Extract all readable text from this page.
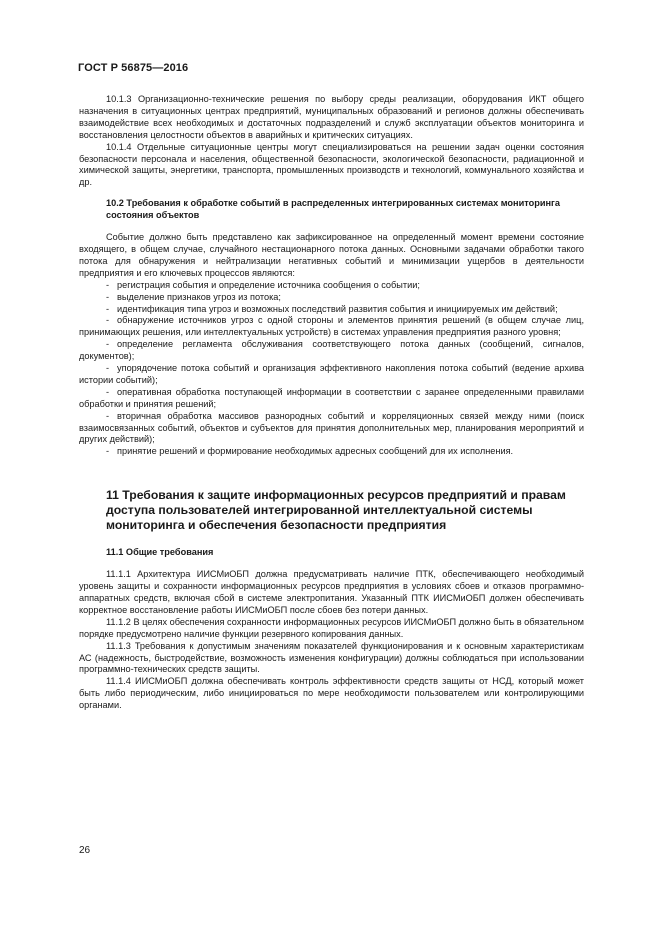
ГОСТ Р 56875—2016

10.1.3 Организационно-технические решения по выбору среды реализации, оборудования ИКТ общего назначения в ситуационных центрах предприятий, муниципальных образований и регионов должны обеспечивать взаимодействие всех необходимых и достаточных подразделений и служб эксплуатации объектов мониторинга и восстановления целостности объектов в аварийных и критических ситуациях.

10.1.4 Отдельные ситуационные центры могут специализироваться на решении задач оценки состояния безопасности персонала и населения, общественной безопасности, экологической безопасности, радиационной и химической защиты, энергетики, транспорта, промышленных производств и технологий, коммунального хозяйства и др.

10.2 Требования к обработке событий в распределенных интегрированных системах мониторинга состояния объектов

Событие должно быть представлено как зафиксированное на определенный момент времени состояние входящего, в общем случае, случайного нестационарного потока данных. Основными задачами обработки такого потока для обнаружения и нейтрализации негативных событий и минимизации ущербов в деятельности предприятия и его ключевых процессов являются:

- регистрация события и определение источника сообщения о событии;

- выделение признаков угроз из потока;

- идентификация типа угроз и возможных последствий развития события и инициируемых им действий;

- обнаружение источников угроз с одной стороны и элементов принятия решений (в общем случае лиц, принимающих решения, или интеллектуальных устройств) в системах управления предприятия разного уровня;

- определение регламента обслуживания соответствующего потока данных (сообщений, сигналов, документов);

- упорядочение потока событий и организация эффективного накопления потока событий (ведение архива истории событий);

- оперативная обработка поступающей информации в соответствии с заранее определенными правилами обработки и принятия решений;

- вторичная обработка массивов разнородных событий и корреляционных связей между ними (поиск взаимосвязанных событий, объектов и субъектов для принятия дополнительных мер, планирования мероприятий и других действий);

- принятие решений и формирование необходимых адресных сообщений для их исполнения.

11 Требования к защите информационных ресурсов предприятий и правам доступа пользователей интегрированной интеллектуальной системы мониторинга и обеспечения безопасности предприятия
11.1 Общие требования

11.1.1 Архитектура ИИСМиОБП должна предусматривать наличие ПТК, обеспечивающего необходимый уровень защиты и сохранности информационных ресурсов предприятия в условиях сбоев и отказов программно-аппаратных средств, включая сбой в системе электропитания. Указанный ПТК ИИСМиОБП должен обеспечивать корректное восстановление работы ИИСМиОБП после сбоев без потери данных.

11.1.2 В целях обеспечения сохранности информационных ресурсов ИИСМиОБП должно быть в обязательном порядке предусмотрено наличие функции резервного копирования данных.

11.1.3 Требования к допустимым значениям показателей функционирования и к основным характеристикам АС (надежность, быстродействие, возможность изменения конфигурации) должны соблюдаться при использовании программно-технических средств защиты.

11.1.4 ИИСМиОБП должна обеспечивать контроль эффективности средств защиты от НСД, который может быть либо периодическим, либо инициироваться по мере необходимости пользователем или контролирующими органами.

26
